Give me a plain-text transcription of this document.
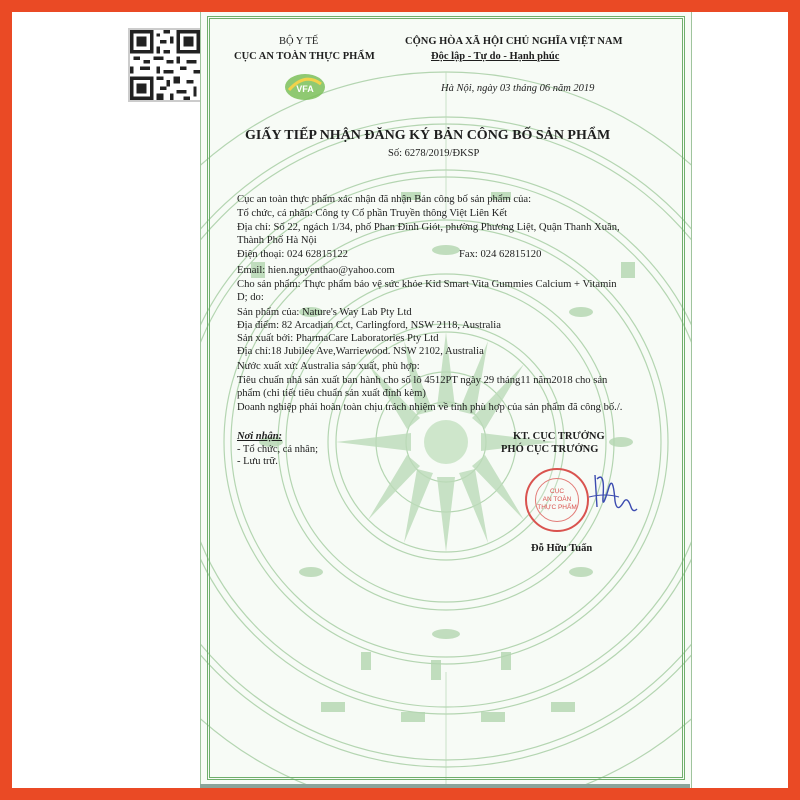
VFA
BỘ Y TẾ
CỤC AN TOÀN THỰC PHẨM
CỘNG HÒA XÃ HỘI CHỦ NGHĨA VIỆT NAM
Độc lập - Tự do - Hạnh phúc
Hà Nội, ngày 03 tháng 06 năm 2019
GIẤY TIẾP NHẬN ĐĂNG KÝ BẢN CÔNG BỐ SẢN PHẨM
Số: 6278/2019/ĐKSP
Cục an toàn thực phẩm xác nhận đã nhận Bản công bố sản phẩm của:
Tổ chức, cá nhân: Công ty Cổ phần Truyền thông Việt Liên Kết
Địa chỉ: Số 22, ngách 1/34, phố Phan Đình Giót, phường Phương Liệt, Quận Thanh Xuân,
Thành Phố Hà Nội
Điện thoại: 024 62815122	Fax: 024 62815120
Email: hien.nguyenthao@yahoo.com
Cho sản phẩm: Thực phẩm bảo vệ sức khỏe Kid Smart Vita Gummies Calcium + Vitamin
D; do:
Sản phẩm của: Nature's Way Lab Pty Ltd
Địa điểm: 82 Arcadian Cct, Carlingford, NSW 2118, Australia
Sản xuất bởi: PharmaCare Laboratories Pty Ltd
Địa chỉ:18 Jubilee Ave,Warriewood. NSW 2102, Australia
Nước xuất xứ: Australia sản xuất, phù hợp:
Tiêu chuẩn nhà sản xuất ban hành cho số lô 4512PT ngày 29 tháng11 năm2018 cho sản
phẩm (chi tiết tiêu chuẩn sản xuất đính kèm)
Doanh nghiệp phải hoàn toàn chịu trách nhiệm về tính phù hợp của sản phẩm đã công bố./.
Nơi nhận:
- Tổ chức, cá nhân;
- Lưu trữ.
KT. CỤC TRƯỞNG
PHÓ CỤC TRƯỞNG
CỤC
AN TOÀN
THỰC PHẨM
Đỗ Hữu Tuấn
